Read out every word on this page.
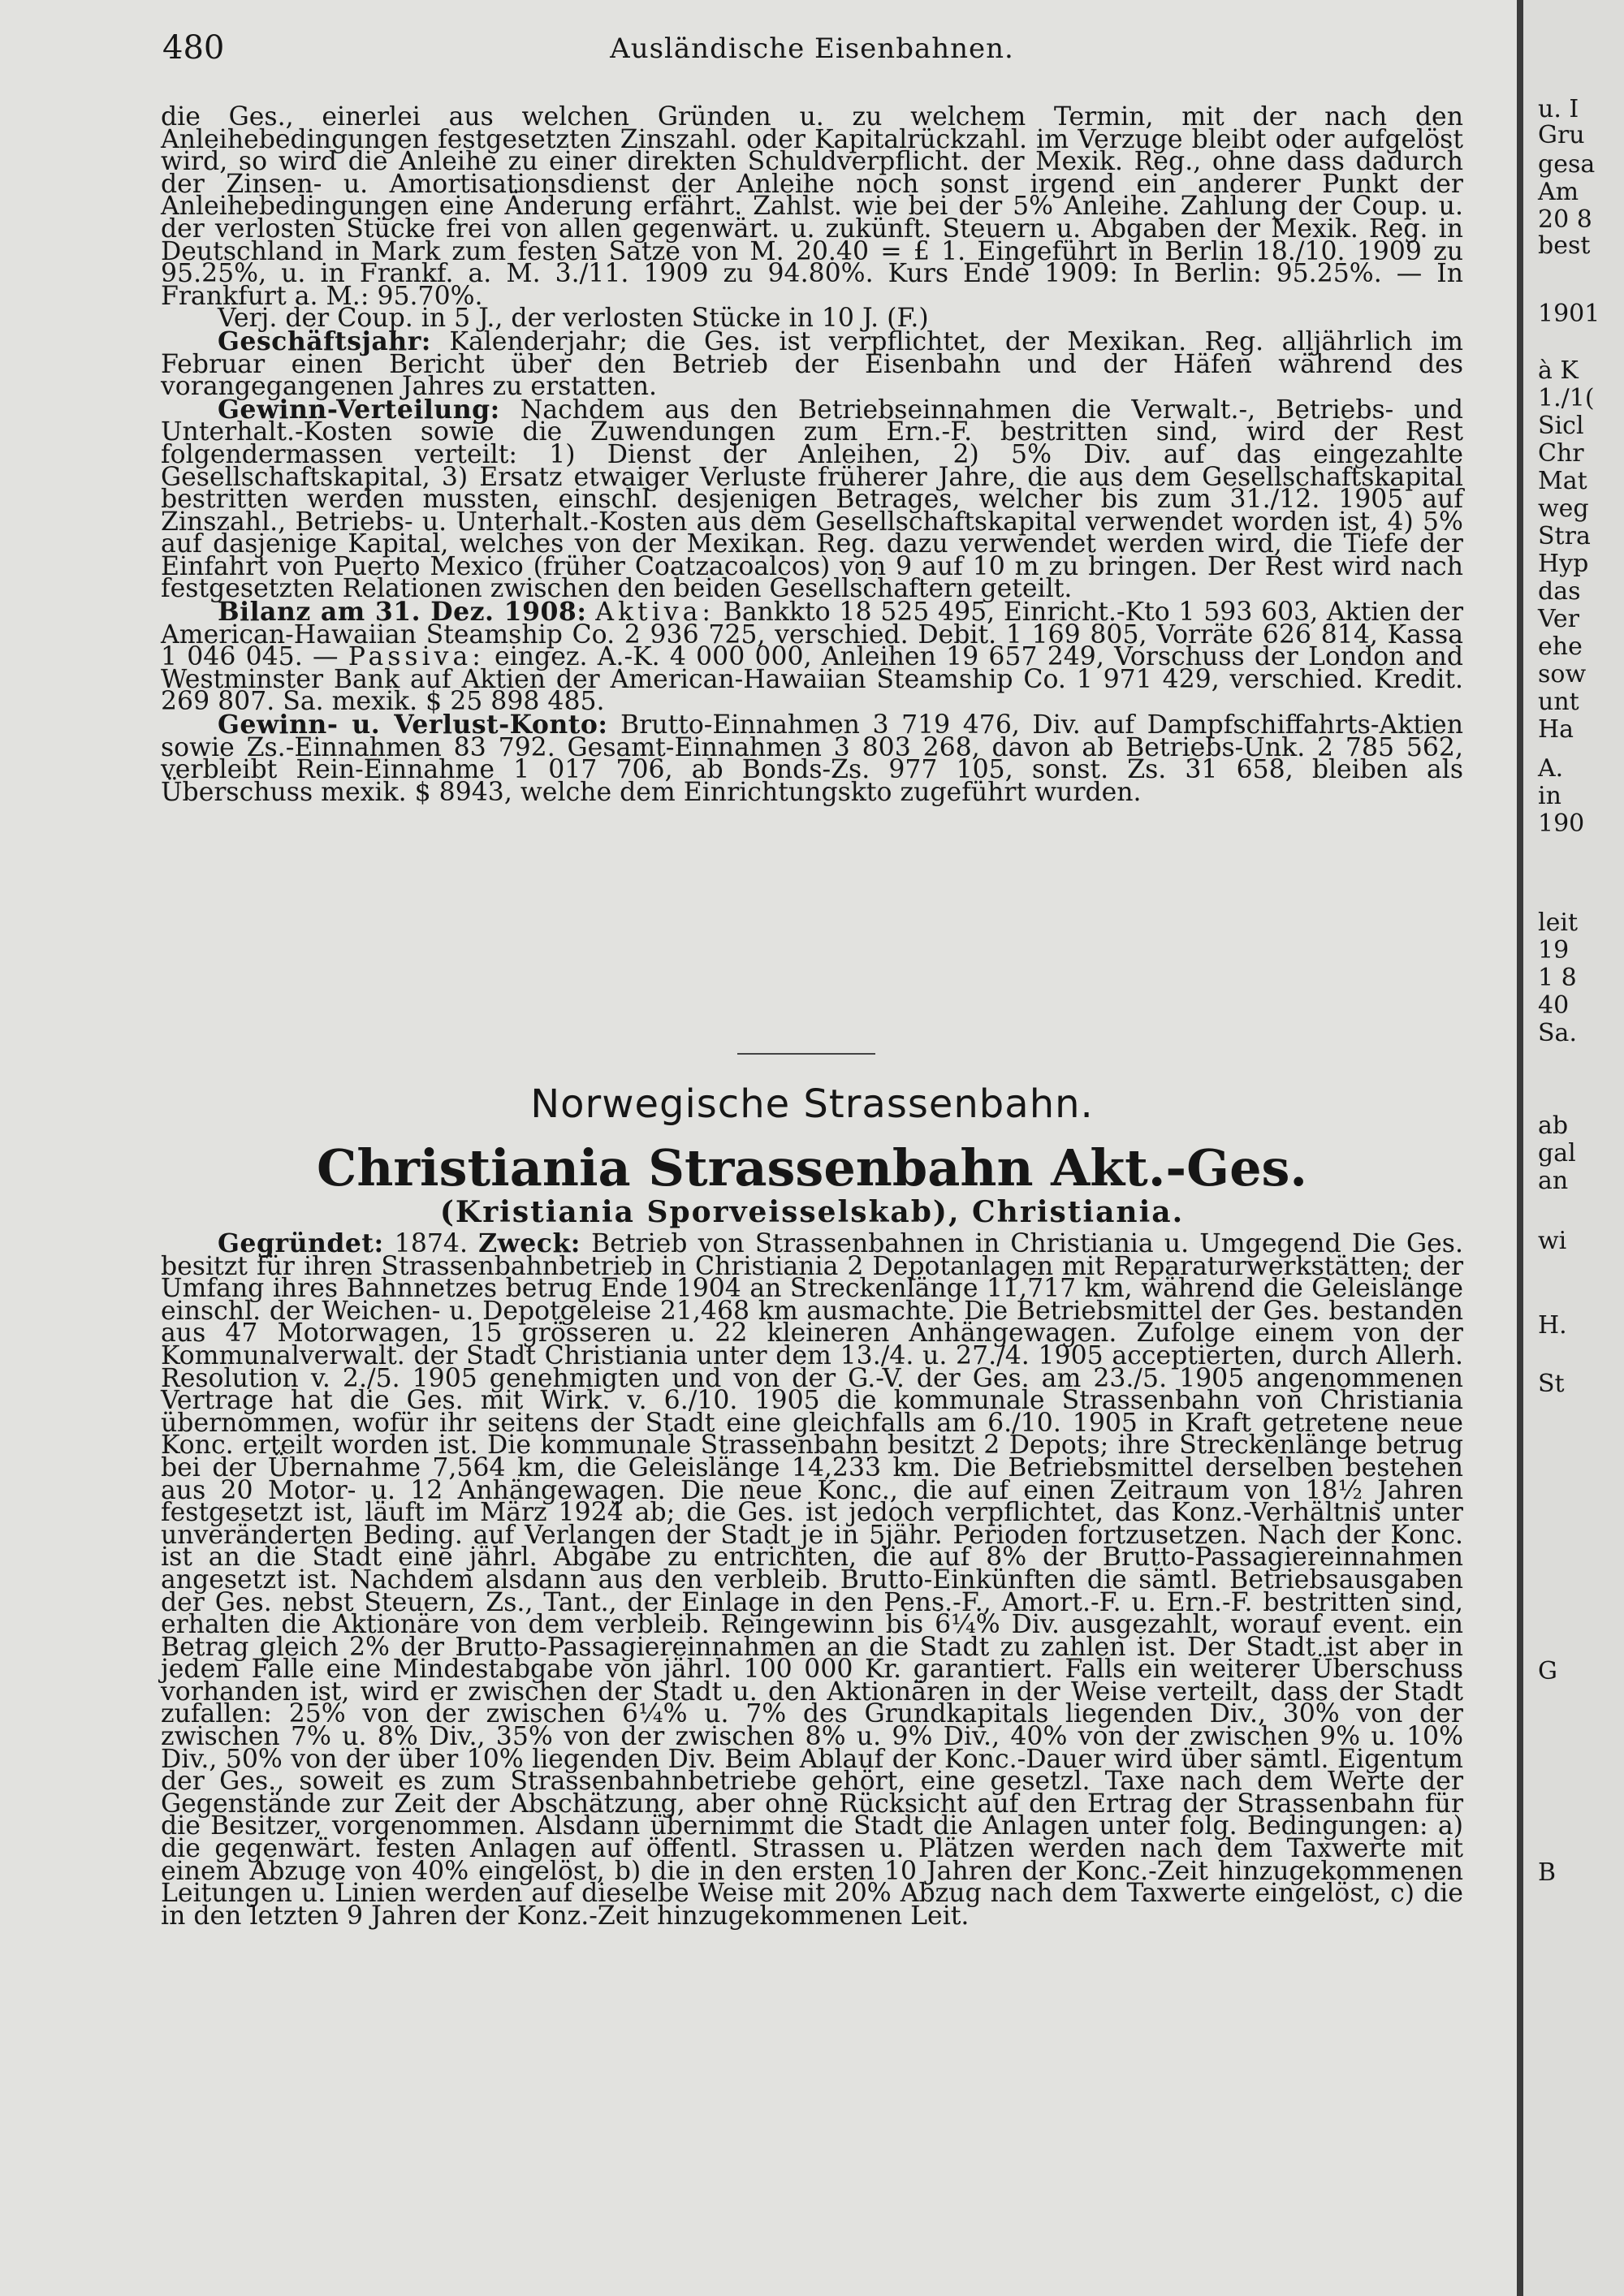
480	Ausländische Eisenbahnen.

die Ges., einerlei aus welchen Gründen u. zu welchem Termin, mit der nach den Anleihebedingungen festgesetzten Zinszahl. oder Kapitalrückzahl. im Verzuge bleibt oder aufgelöst wird, so wird die Anleihe zu einer direkten Schuldverpflicht. der Mexik. Reg., ohne dass dadurch der Zinsen- u. Amortisationsdienst der Anleihe noch sonst irgend ein anderer Punkt der Anleihebedingungen eine Änderung erfährt. Zahlst. wie bei der 5% Anleihe. Zahlung der Coup. u. der verlosten Stücke frei von allen gegenwärt. u. zukünft. Steuern u. Abgaben der Mexik. Reg. in Deutschland in Mark zum festen Satze von M. 20.40 = £ 1. Eingeführt in Berlin 18./10. 1909 zu 95.25%, u. in Frankf. a. M. 3./11. 1909 zu 94.80%. Kurs Ende 1909: In Berlin: 95.25%. — In Frankfurt a. M.: 95.70%.

Verj. der Coup. in 5 J., der verlosten Stücke in 10 J. (F.)

Geschäftsjahr: Kalenderjahr; die Ges. ist verpflichtet, der Mexikan. Reg. alljährlich im Februar einen Bericht über den Betrieb der Eisenbahn und der Häfen während des vorangegangenen Jahres zu erstatten.

Gewinn-Verteilung: Nachdem aus den Betriebseinnahmen die Verwalt.-, Betriebs- und Unterhalt.-Kosten sowie die Zuwendungen zum Ern.-F. bestritten sind, wird der Rest folgendermassen verteilt: 1) Dienst der Anleihen, 2) 5% Div. auf das eingezahlte Gesellschaftskapital, 3) Ersatz etwaiger Verluste früherer Jahre, die aus dem Gesellschaftskapital bestritten werden mussten, einschl. desjenigen Betrages, welcher bis zum 31./12. 1905 auf Zinszahl., Betriebs- u. Unterhalt.-Kosten aus dem Gesellschaftskapital verwendet worden ist, 4) 5% auf dasjenige Kapital, welches von der Mexikan. Reg. dazu verwendet werden wird, die Tiefe der Einfahrt von Puerto Mexico (früher Coatzacoalcos) von 9 auf 10 m zu bringen. Der Rest wird nach festgesetzten Relationen zwischen den beiden Gesellschaftern geteilt.

Bilanz am 31. Dez. 1908: Aktiva: Bankkto 18 525 495, Einricht.-Kto 1 593 603, Aktien der American-Hawaiian Steamship Co. 2 936 725, verschied. Debit. 1 169 805, Vorräte 626 814, Kassa 1 046 045. — Passiva: eingez. A.-K. 4 000 000, Anleihen 19 657 249, Vorschuss der London and Westminster Bank auf Aktien der American-Hawaiian Steamship Co. 1 971 429, verschied. Kredit. 269 807. Sa. mexik. $ 25 898 485.

Gewinn- u. Verlust-Konto: Brutto-Einnahmen 3 719 476, Div. auf Dampfschiffahrts-Aktien sowie Zs.-Einnahmen 83 792. Gesamt-Einnahmen 3 803 268, davon ab Betriebs-Unk. 2 785 562, verbleibt Rein-Einnahme 1 017 706, ab Bonds-Zs. 977 105, sonst. Zs. 31 658, bleiben als Überschuss mexik. $ 8943, welche dem Einrichtungskto zugeführt wurden.

Norwegische Strassenbahn.
Christiania Strassenbahn Akt.-Ges.
(Kristiania Sporveisselskab), Christiania.

Gegründet: 1874. Zweck: Betrieb von Strassenbahnen in Christiania u. Umgegend Die Ges. besitzt für ihren Strassenbahnbetrieb in Christiania 2 Depotanlagen mit Reparaturwerkstätten; der Umfang ihres Bahnnetzes betrug Ende 1904 an Streckenlänge 11,717 km, während die Geleislänge einschl. der Weichen- u. Depotgeleise 21,468 km ausmachte. Die Betriebsmittel der Ges. bestanden aus 47 Motorwagen, 15 grösseren u. 22 kleineren Anhängewagen. Zufolge einem von der Kommunalverwalt. der Stadt Christiania unter dem 13./4. u. 27./4. 1905 acceptierten, durch Allerh. Resolution v. 2./5. 1905 genehmigten und von der G.-V. der Ges. am 23./5. 1905 angenommenen Vertrage hat die Ges. mit Wirk. v. 6./10. 1905 die kommunale Strassenbahn von Christiania übernommen, wofür ihr seitens der Stadt eine gleichfalls am 6./10. 1905 in Kraft getretene neue Konc. erteilt worden ist. Die kommunale Strassenbahn besitzt 2 Depots; ihre Streckenlänge betrug bei der Übernahme 7,564 km, die Geleislänge 14,233 km. Die Betriebsmittel derselben bestehen aus 20 Motor- u. 12 Anhängewagen. Die neue Konc., die auf einen Zeitraum von 18½ Jahren festgesetzt ist, läuft im März 1924 ab; die Ges. ist jedoch verpflichtet, das Konz.-Verhältnis unter unveränderten Beding. auf Verlangen der Stadt je in 5jähr. Perioden fortzusetzen. Nach der Konc. ist an die Stadt eine jährl. Abgabe zu entrichten, die auf 8% der Brutto-Passagiereinnahmen angesetzt ist. Nachdem alsdann aus den verbleib. Brutto-Einkünften die sämtl. Betriebsausgaben der Ges. nebst Steuern, Zs., Tant., der Einlage in den Pens.-F., Amort.-F. u. Ern.-F. bestritten sind, erhalten die Aktionäre von dem verbleib. Reingewinn bis 6¼% Div. ausgezahlt, worauf event. ein Betrag gleich 2% der Brutto-Passagiereinnahmen an die Stadt zu zahlen ist. Der Stadt ist aber in jedem Falle eine Mindestabgabe von jährl. 100 000 Kr. garantiert. Falls ein weiterer Überschuss vorhanden ist, wird er zwischen der Stadt u. den Aktionären in der Weise verteilt, dass der Stadt zufallen: 25% von der zwischen 6¼% u. 7% des Grundkapitals liegenden Div., 30% von der zwischen 7% u. 8% Div., 35% von der zwischen 8% u. 9% Div., 40% von der zwischen 9% u. 10% Div., 50% von der über 10% liegenden Div. Beim Ablauf der Konc.-Dauer wird über sämtl. Eigentum der Ges., soweit es zum Strassenbahnbetriebe gehört, eine gesetzl. Taxe nach dem Werte der Gegenstände zur Zeit der Abschätzung, aber ohne Rücksicht auf den Ertrag der Strassenbahn für die Besitzer, vorgenommen. Alsdann übernimmt die Stadt die Anlagen unter folg. Bedingungen: a) die gegenwärt. festen Anlagen auf öffentl. Strassen u. Plätzen werden nach dem Taxwerte mit einem Abzuge von 40% eingelöst, b) die in den ersten 10 Jahren der Konc.-Zeit hinzugekommenen Leitungen u. Linien werden auf dieselbe Weise mit 20% Abzug nach dem Taxwerte eingelöst, c) die in den letzten 9 Jahren der Konz.-Zeit hinzugekommenen Leit.

u. I
Gru
gesa
Am
20 8
best
1901
à K
1./1(
Sicl
Chr
Mat
weg
Stra
Hyp
das
Ver
ehe
sow
unt
Ha
A.
in
190
leit
19
1 8
40
Sa.
ab
gal
an
wi
H.
St
G
B
